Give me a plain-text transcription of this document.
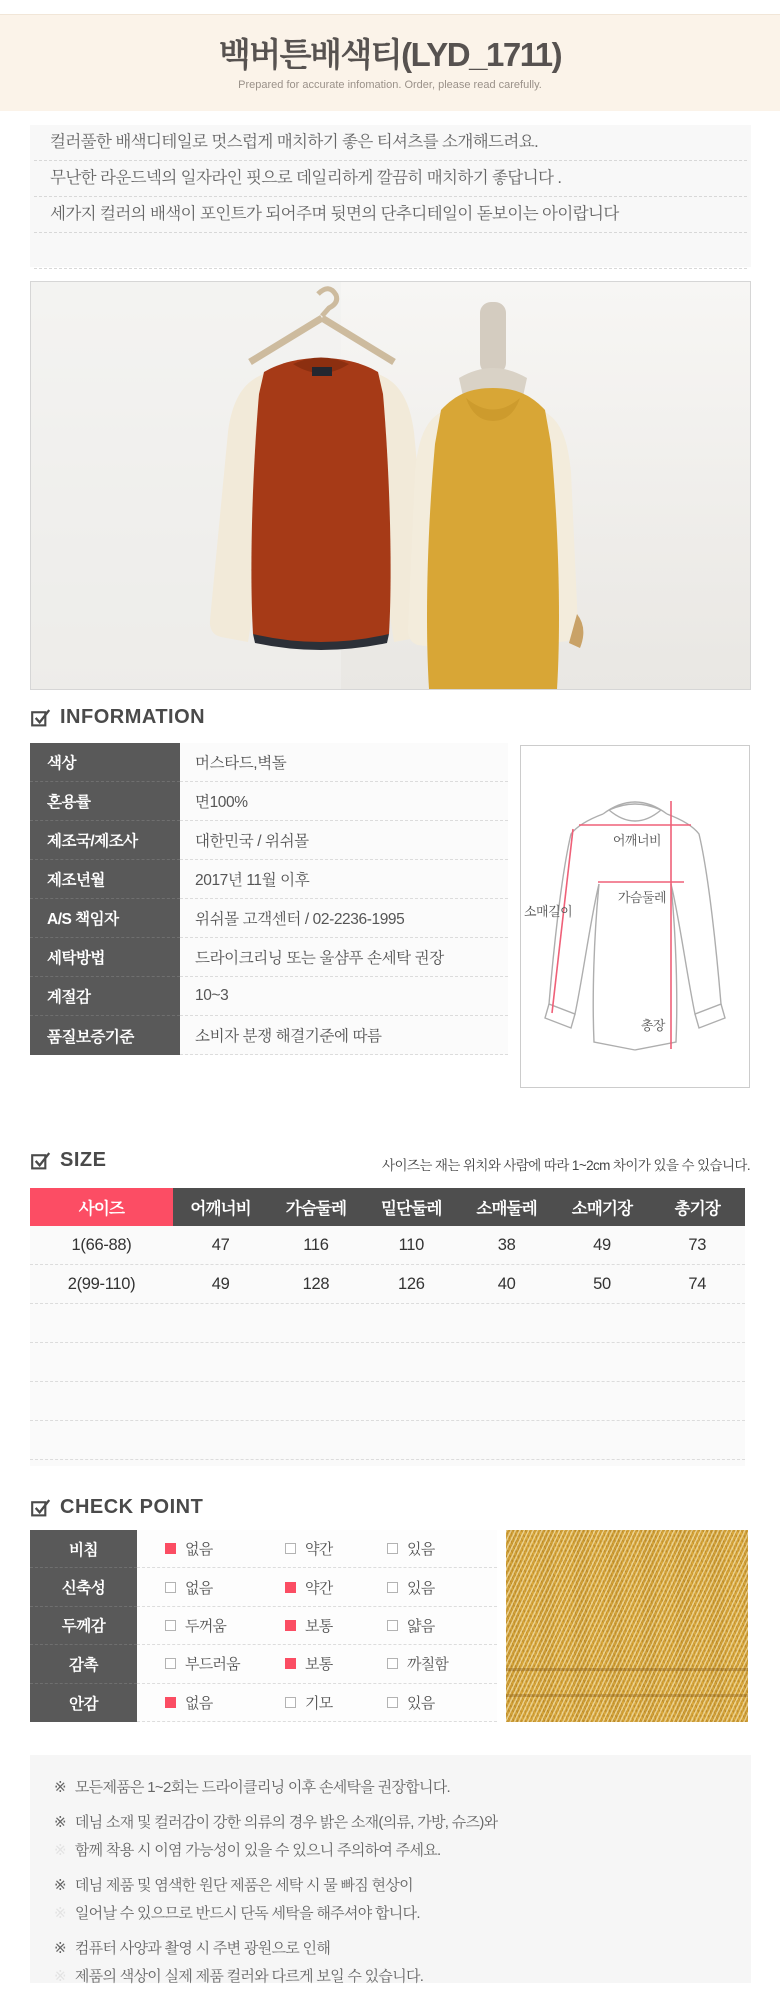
백버튼배색티(LYD_1711)
Prepared for accurate infomation. Order, please read carefully.
컬러풀한 배색디테일로 멋스럽게 매치하기 좋은 티셔츠를 소개해드려요.
무난한 라운드넥의 일자라인 핏으로 데일리하게 깔끔히 매치하기 좋답니다 .
세가지 컬러의 배색이 포인트가 되어주며 뒷면의 단추디테일이 돋보이는 아이랍니다
INFORMATION
색상	머스타드,벽돌
혼용률	면100%
제조국/제조사	대한민국 / 위쉬몰
제조년월	2017년 11월 이후
A/S 책임자	위쉬몰 고객센터 / 02-2236-1995
세탁방법	드라이크리닝 또는 울샴푸 손세탁 권장
계절감	10~3
품질보증기준	소비자 분쟁 해결기준에 따름
어깨너비
가슴둘레
소매길이
총장
SIZE	사이즈는 재는 위치와 사람에 따라 1~2cm 차이가 있을 수 있습니다.
사이즈	어깨너비	가슴둘레	밑단둘레	소매둘레	소매기장	총기장
1(66-88)	47	116	110	38	49	73
2(99-110)	49	128	126	40	50	74
CHECK POINT
비침	없음	약간	있음
신축성	없음	약간	있음
두께감	두꺼움	보통	얇음
감촉	부드러움	보통	까칠함
안감	없음	기모	있음
※ 모든제품은 1~2회는 드라이클리닝 이후 손세탁을 권장합니다.
※ 데님 소재 및 컬러감이 강한 의류의 경우 밝은 소재(의류, 가방, 슈즈)와
※ 함께 착용 시 이염 가능성이 있을 수 있으니 주의하여 주세요.
※ 데님 제품 및 염색한 원단 제품은 세탁 시 물 빠짐 현상이
※ 일어날 수 있으므로 반드시 단독 세탁을 해주셔야 합니다.
※ 컴퓨터 사양과 촬영 시 주변 광원으로 인해
※ 제품의 색상이 실제 제품 컬러와 다르게 보일 수 있습니다.
